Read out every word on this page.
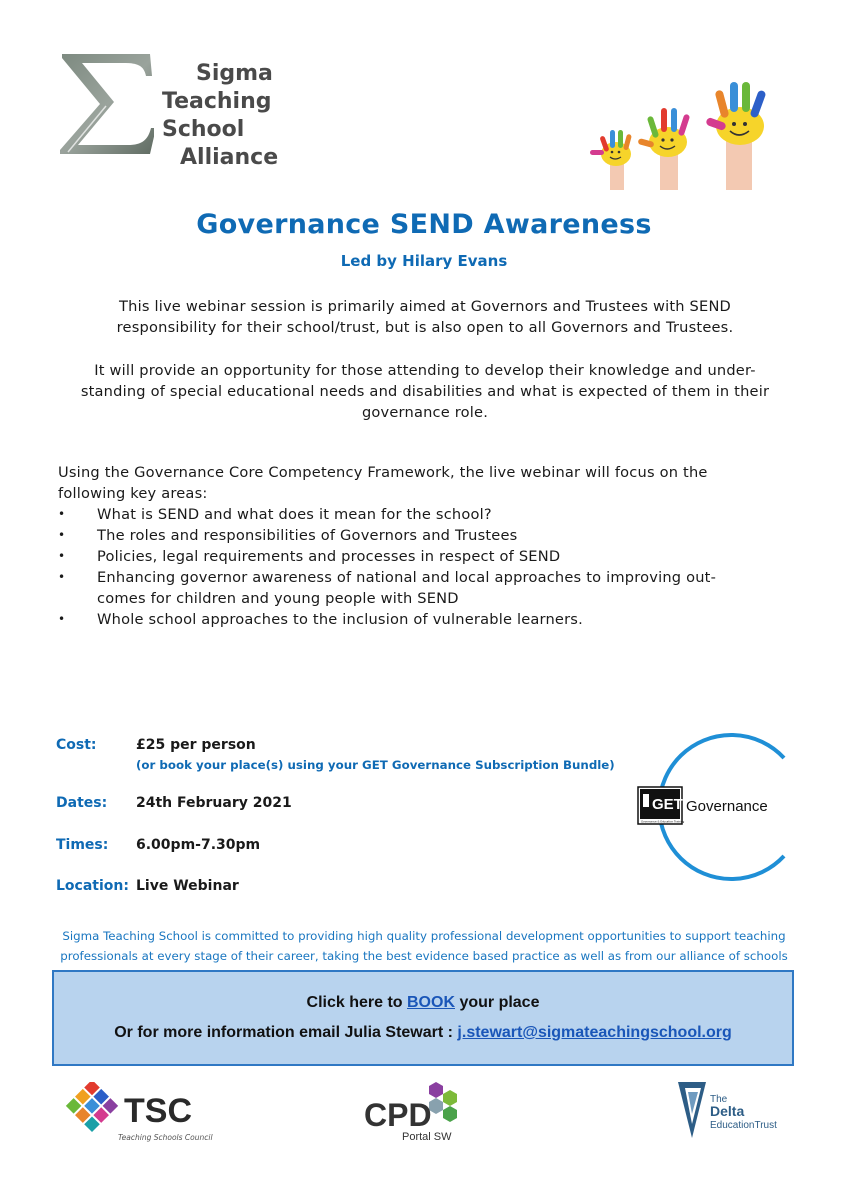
Sigma
Teaching School
Alliance
Governance SEND Awareness
Led by Hilary Evans
This live webinar session is primarily aimed at Governors and Trustees with SEND
responsibility for their school/trust, but is also open to all Governors and Trustees.
It will provide an opportunity for those attending to develop their knowledge and under-
standing of special educational needs and disabilities and what is expected of them in their
governance role.
Using the Governance Core Competency Framework, the live webinar will focus on the
following key areas:
• What is SEND and what does it mean for the school?
• The roles and responsibilities of Governors and Trustees
• Policies, legal requirements and processes in respect of SEND
• Enhancing governor awareness of national and local approaches to improving out-
comes for children and young people with SEND
• Whole school approaches to the inclusion of vulnerable learners.
Cost:	£25 per person
(or book your place(s) using your GET Governance Subscription Bundle)
Dates: 24th February 2021
Times: 6.00pm-7.30pm
Location: Live Webinar
GET
Governance & Education Training
Governance
Sigma Teaching School is committed to providing high quality professional development opportunities to support teaching
professionals at every stage of their career, taking the best evidence based practice as well as from our alliance of schools
Click here to BOOK your place
Or for more information email Julia Stewart : j.stewart@sigmateachingschool.org
TSC
Teaching Schools Council
CPD
Portal SW
The
Delta
EducationTrust
